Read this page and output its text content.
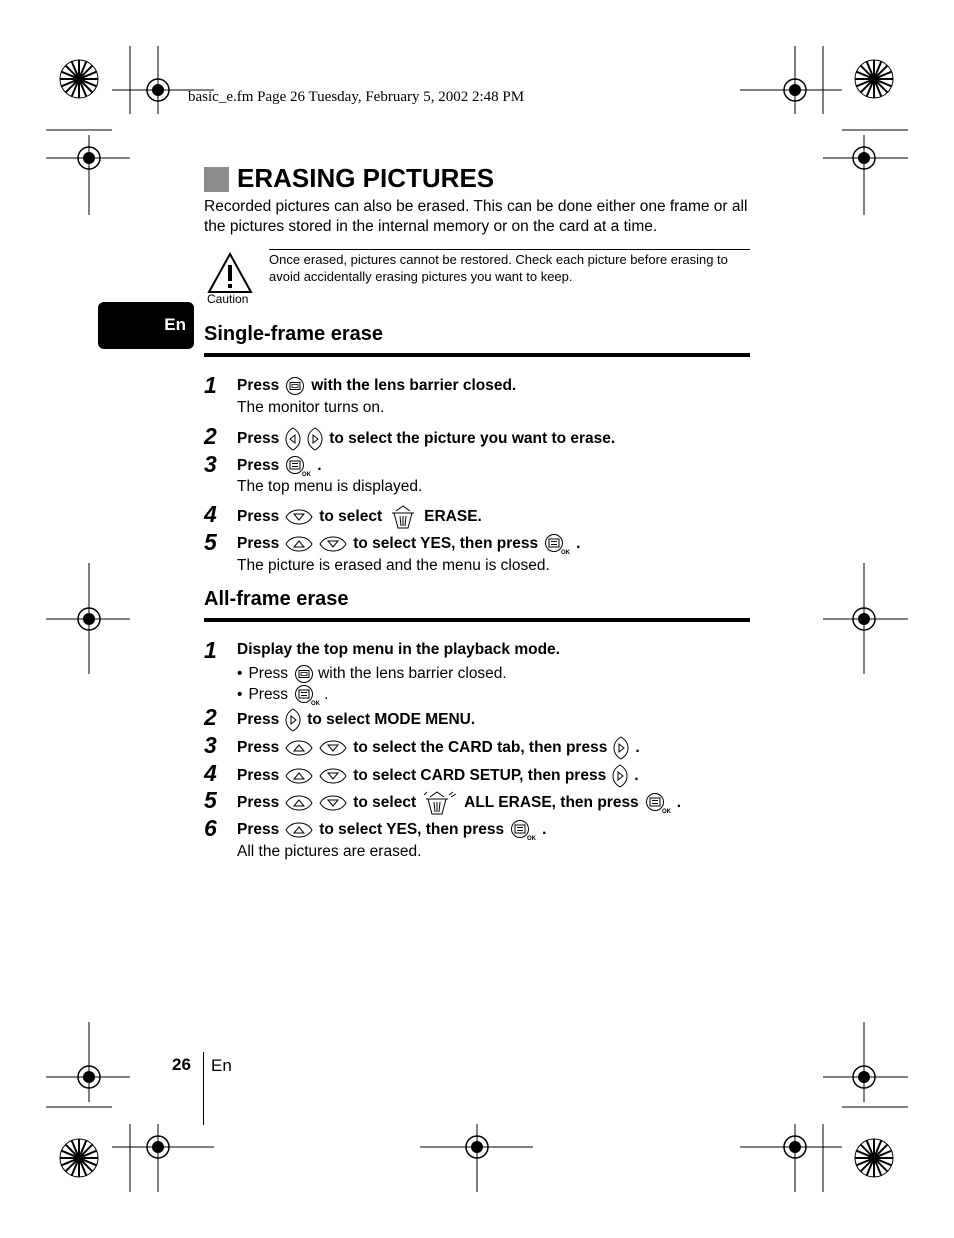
basic_e.fm Page 26 Tuesday, February 5, 2002 2:48 PM
ERASING PICTURES
Recorded pictures can also be erased. This can be done either one frame or all the pictures stored in the internal memory or on the card at a time.
Caution
Once erased, pictures cannot be restored. Check each picture before erasing to avoid accidentally erasing pictures you want to keep.
En Single-frame erase
1 Press with the lens barrier closed.
The monitor turns on.
2 Press	to select the picture you want to erase.
3 Press
OK
.
The top menu is displayed.
4 Press	to select	ERASE.
5 Press	to select YES, then press
OK
.
The picture is erased and the menu is closed.
All-frame erase
1 Display the top menu in the playback mode.
• Press with the lens barrier closed.
• Press
OK
.
2 Press to select MODE MENU.
3 Press	to select the CARD tab, then press .
4 Press	to select CARD SETUP, then press .
5 Press	to select	ALL ERASE, then press
OK
.
6 Press	to select YES, then press
OK
.
All the pictures are erased.
26 En
